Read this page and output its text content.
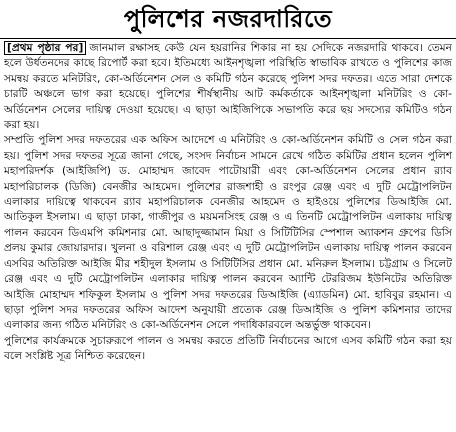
পুলিশের নজরদারিতে

[প্রথম পৃষ্ঠার পর] জানমাল রক্ষাসহ কেউ যেন হয়রানির শিকার না হয় সেদিকে নজরদারি থাকবে। তেমন হলে উর্ধতনদের কাছে রিপোর্ট করা হবে। ইতিমধ্যে আইনশৃঙ্খলা পরিস্থিতি স্বাভাবিক রাখতে ও পুলিশের কাজ সমন্বয় করতে মনিটরিং, কো-অর্ডিনেশন সেল ও কমিটি গঠন করেছে পুলিশ সদর দফতর। এতে সারা দেশকে চারটি অঞ্চলে ভাগ করা হয়েছে। পুলিশের শীর্ষস্থানীয় আট কর্মকর্তাকে আইনশৃঙ্খলা মনিটরিং ও কো-অর্ডিনেশন সেলের দায়িত্ব দেওয়া হয়েছে। এ ছাড়া আইজিপিকে সভাপতি করে ছয় সদস্যের কমিটিও গঠন করা হয়।

সম্প্রতি পুলিশ সদর দফতরের এক অফিস আদেশে এ মনিটরিং ও কো-অর্ডিনেশন কমিটি ও সেল গঠন করা হয়। পুলিশ সদর দফতর সূত্রে জানা গেছে, সংসদ নির্বাচন সামনে রেখে গঠিত কমিটির প্রধান হলেন পুলিশ মহাপরিদর্শক (আইজিপি) ড. মোহাম্মদ জাবেদ পাটোয়ারী এবং কো-অর্ডিনেশন সেলের প্রধান র‌্যাব মহাপরিচালক (ডিজি) বেনজীর আহমেদ। পুলিশের রাজশাহী ও রংপুর রেঞ্জ এবং এ দুটি মেট্রোপলিটন এলাকার দায়িত্বে থাকবেন র‌্যাব মহাপরিচালক বেনজীর আহমেদ ও হাইওয়ে পুলিশের ডিআইজি মো. আতিকুল ইসলাম। এ ছাড়া ঢাকা, গাজীপুর ও ময়মনসিংহ রেঞ্জ ও এ তিনটি মেট্রোপলিটন এলাকায় দায়িত্ব পালন করবেন ডিএমপি কমিশনার মো. আছাদুজ্জামান মিয়া ও সিটিটিসির স্পেশাল অ্যাকশন গ্রুপের ডিসি প্রলয় কুমার জোয়ারদার। খুলনা ও বরিশাল রেঞ্জ এবং এ দুটি মেট্রোপলিটন এলাকায় দায়িত্ব পালন করবেন এসবির অতিরিক্ত আইজি মীর শহীদুল ইসলাম ও সিটিটিসির প্রধান মো. মনিরুল ইসলাম। চট্টগ্রাম ও সিলেট রেঞ্জ এবং এ দুটি মেট্রোপলিটন এলাকার দায়িত্ব পালন করবেন অ্যান্টি টেররিজম ইউনিটের অতিরিক্ত আইজি মোহাম্মদ শফিকুল ইসলাম ও পুলিশ সদর দফতরের ডিআইজি (এ্যাডমিন) মো. হাবিবুর রহমান। এ ছাড়া পুলিশ সদর দফতরের অফিস আদেশ অনুযায়ী প্রত্যেক রেঞ্জ ডিআইজি ও পুলিশ কমিশনার তাদের এলাকার জন্য গঠিত মনিটরিং ও কো-অর্ডিনেশন সেলে পদাধিকারবলে অন্তর্ভুক্ত থাকবেন।

পুলিশের কার্যক্রমকে সুচারুরূপে পালন ও সমন্বয় করতে প্রতিটি নির্বাচনের আগে এসব কমিটি গঠন করা হয় বলে সংশ্লিষ্ট সূত্র নিশ্চিত করেছেন।
